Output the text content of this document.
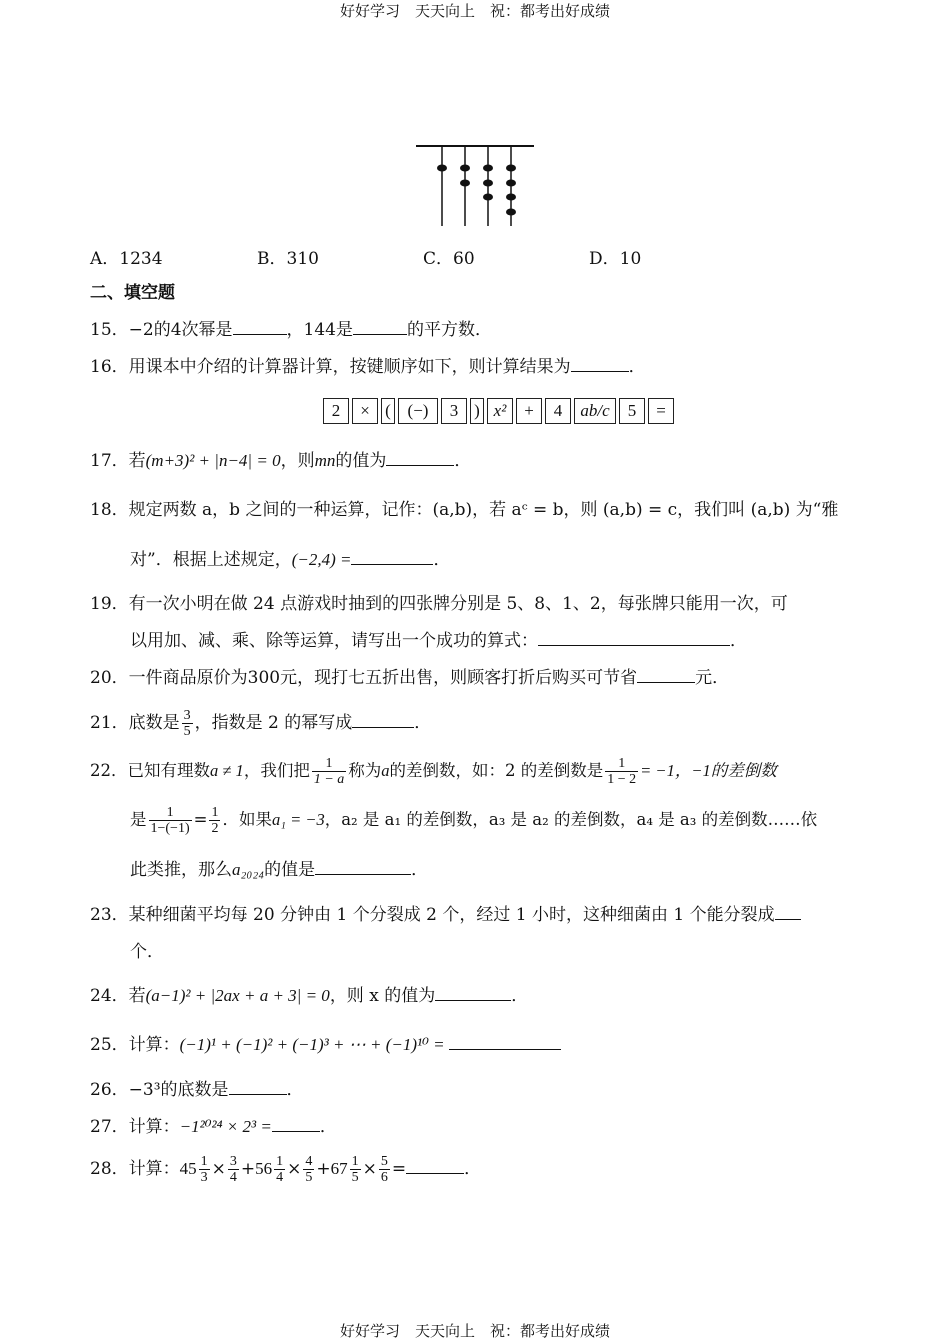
好好学习　天天向上　祝：都考出好成绩
好好学习　天天向上　祝：都考出好成绩
A．1234	B．310	C．60	D．10
二、填空题
15．−2的4次幂是	，144是	的平方数．
16．用课本中介绍的计算器计算，按键顺序如下，则计算结果为	．
2 × ( (−) 3 ) x² + 4 ab/c 5 =
17．若(m+3)² + |n−4| = 0，则mn的值为	．
18．规定两数 a，b 之间的一种运算，记作：(a,b)，若 aᶜ = b，则 (a,b) = c，我们叫 (a,b) 为“雅
对”．根据上述规定，(−2,4) =	．
19．有一次小明在做 24 点游戏时抽到的四张牌分别是 5、8、1、2，每张牌只能用一次，可
以用加、减、乘、除等运算，请写出一个成功的算式：	．
20．一件商品原价为300元，现打七五折出售，则顾客打折后购买可节省	元．
21．底数是 $\frac{3}{5}$ ，指数是 2 的幂写成	．
22．已知有理数a ≠ 1，我们把 $\frac{1}{1 - a}$ 称为a的差倒数，如：2 的差倒数是 $\frac{1}{1 - 2} = -1$，−1的差倒数
是 $\frac{1}{1-(-1)} = \frac{1}{2}$ ．如果a₁ = −3，a₂ 是 a₁ 的差倒数，a₃ 是 a₂ 的差倒数，a₄ 是 a₃ 的差倒数……依
此类推，那么a₂₀₂₄的值是	．
23．某种细菌平均每 20 分钟由 1 个分裂成 2 个，经过 1 小时，这种细菌由 1 个能分裂成
个．
24．若(a−1)² + |2ax + a + 3| = 0，则 x 的值为	．
25．计算：(−1)¹ + (−1)² + (−1)³ + ⋯ + (−1)¹⁰ =
26．−3³的底数是	．
27．计算：−1²⁰²⁴ × 2³ =	．
28．计算：$45 \frac{1}{3} \times \frac{3}{4} +56 \frac{1}{4} \times \frac{4}{5} +67 \frac{1}{5} \times \frac{5}{6}$ =	．
